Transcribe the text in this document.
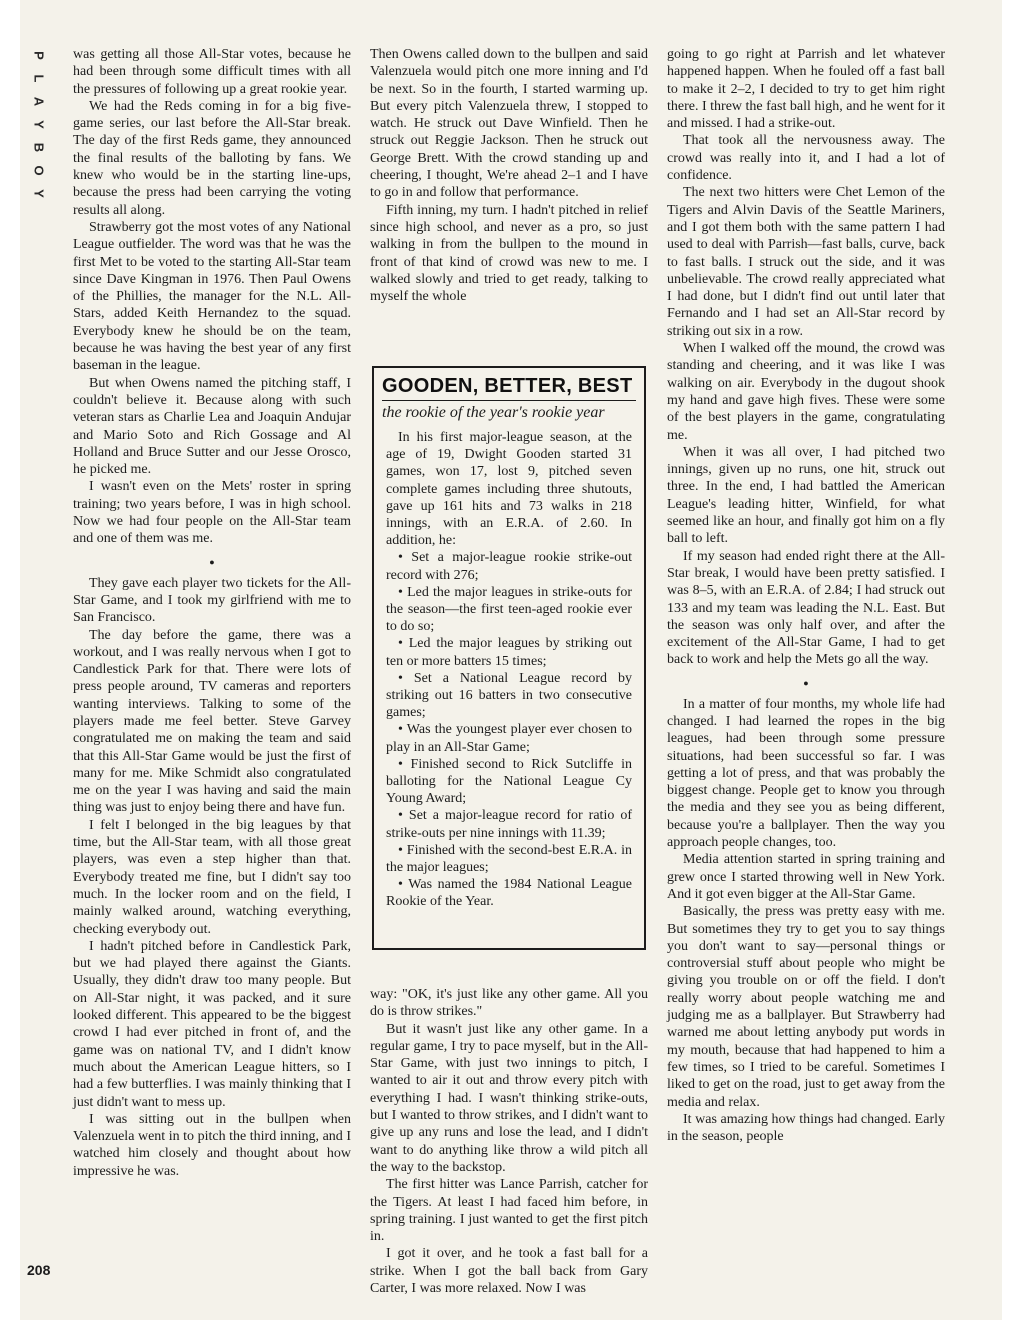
P
L
A
Y
B
O
Y
208

was getting all those All-Star votes, because he had been through some difficult times with all the pressures of following up a great rookie year.

We had the Reds coming in for a big five-game series, our last before the All-Star break. The day of the first Reds game, they announced the final results of the balloting by fans. We knew who would be in the starting line-ups, because the press had been carrying the voting results all along.

Strawberry got the most votes of any National League outfielder. The word was that he was the first Met to be voted to the starting All-Star team since Dave Kingman in 1976. Then Paul Owens of the Phillies, the manager for the N.L. All-Stars, added Keith Hernandez to the squad. Everybody knew he should be on the team, because he was having the best year of any first baseman in the league.

But when Owens named the pitching staff, I couldn't believe it. Because along with such veteran stars as Charlie Lea and Joaquin Andujar and Mario Soto and Rich Gossage and Al Holland and Bruce Sutter and our Jesse Orosco, he picked me.

I wasn't even on the Mets' roster in spring training; two years before, I was in high school. Now we had four people on the All-Star team and one of them was me.

●

They gave each player two tickets for the All-Star Game, and I took my girlfriend with me to San Francisco.

The day before the game, there was a workout, and I was really nervous when I got to Candlestick Park for that. There were lots of press people around, TV cameras and reporters wanting interviews. Talking to some of the players made me feel better. Steve Garvey congratulated me on making the team and said that this All-Star Game would be just the first of many for me. Mike Schmidt also congratulated me on the year I was having and said the main thing was just to enjoy being there and have fun.

I felt I belonged in the big leagues by that time, but the All-Star team, with all those great players, was even a step higher than that. Everybody treated me fine, but I didn't say too much. In the locker room and on the field, I mainly walked around, watching everything, checking everybody out.

I hadn't pitched before in Candlestick Park, but we had played there against the Giants. Usually, they didn't draw too many people. But on All-Star night, it was packed, and it sure looked different. This appeared to be the biggest crowd I had ever pitched in front of, and the game was on national TV, and I didn't know much about the American League hitters, so I had a few butterflies. I was mainly thinking that I just didn't want to mess up.

I was sitting out in the bullpen when Valenzuela went in to pitch the third inning, and I watched him closely and thought about how impressive he was.

Then Owens called down to the bullpen and said Valenzuela would pitch one more inning and I'd be next. So in the fourth, I started warming up. But every pitch Valenzuela threw, I stopped to watch. He struck out Dave Winfield. Then he struck out Reggie Jackson. Then he struck out George Brett. With the crowd standing up and cheering, I thought, We're ahead 2–1 and I have to go in and follow that performance.

Fifth inning, my turn. I hadn't pitched in relief since high school, and never as a pro, so just walking in from the bullpen to the mound in front of that kind of crowd was new to me. I walked slowly and tried to get ready, talking to myself the whole

GOODEN, BETTER, BEST
the rookie of the year's rookie year

In his first major-league season, at the age of 19, Dwight Gooden started 31 games, won 17, lost 9, pitched seven complete games including three shutouts, gave up 161 hits and 73 walks in 218 innings, with an E.R.A. of 2.60. In addition, he:

• Set a major-league rookie strike-out record with 276;

• Led the major leagues in strike-outs for the season—the first teen-aged rookie ever to do so;

• Led the major leagues by striking out ten or more batters 15 times;

• Set a National League record by striking out 16 batters in two consecutive games;

• Was the youngest player ever chosen to play in an All-Star Game;

• Finished second to Rick Sutcliffe in balloting for the National League Cy Young Award;

• Set a major-league record for ratio of strike-outs per nine innings with 11.39;

• Finished with the second-best E.R.A. in the major leagues;

• Was named the 1984 National League Rookie of the Year.

way: "OK, it's just like any other game. All you do is throw strikes."

But it wasn't just like any other game. In a regular game, I try to pace myself, but in the All-Star Game, with just two innings to pitch, I wanted to air it out and throw every pitch with everything I had. I wasn't thinking strike-outs, but I wanted to throw strikes, and I didn't want to give up any runs and lose the lead, and I didn't want to do anything like throw a wild pitch all the way to the backstop.

The first hitter was Lance Parrish, catcher for the Tigers. At least I had faced him before, in spring training. I just wanted to get the first pitch in.

I got it over, and he took a fast ball for a strike. When I got the ball back from Gary Carter, I was more relaxed. Now I was

going to go right at Parrish and let whatever happened happen. When he fouled off a fast ball to make it 2–2, I decided to try to get him right there. I threw the fast ball high, and he went for it and missed. I had a strike-out.

That took all the nervousness away. The crowd was really into it, and I had a lot of confidence.

The next two hitters were Chet Lemon of the Tigers and Alvin Davis of the Seattle Mariners, and I got them both with the same pattern I had used to deal with Parrish—fast balls, curve, back to fast balls. I struck out the side, and it was unbelievable. The crowd really appreciated what I had done, but I didn't find out until later that Fernando and I had set an All-Star record by striking out six in a row.

When I walked off the mound, the crowd was standing and cheering, and it was like I was walking on air. Everybody in the dugout shook my hand and gave high fives. These were some of the best players in the game, congratulating me.

When it was all over, I had pitched two innings, given up no runs, one hit, struck out three. In the end, I had battled the American League's leading hitter, Winfield, for what seemed like an hour, and finally got him on a fly ball to left.

If my season had ended right there at the All-Star break, I would have been pretty satisfied. I was 8–5, with an E.R.A. of 2.84; I had struck out 133 and my team was leading the N.L. East. But the season was only half over, and after the excitement of the All-Star Game, I had to get back to work and help the Mets go all the way.

●

In a matter of four months, my whole life had changed. I had learned the ropes in the big leagues, had been through some pressure situations, had been successful so far. I was getting a lot of press, and that was probably the biggest change. People get to know you through the media and they see you as being different, because you're a ballplayer. Then the way you approach people changes, too.

Media attention started in spring training and grew once I started throwing well in New York. And it got even bigger at the All-Star Game.

Basically, the press was pretty easy with me. But sometimes they try to get you to say things you don't want to say—personal things or controversial stuff about people who might be giving you trouble on or off the field. I don't really worry about people watching me and judging me as a ballplayer. But Strawberry had warned me about letting anybody put words in my mouth, because that had happened to him a few times, so I tried to be careful. Sometimes I liked to get on the road, just to get away from the media and relax.

It was amazing how things had changed. Early in the season, people
